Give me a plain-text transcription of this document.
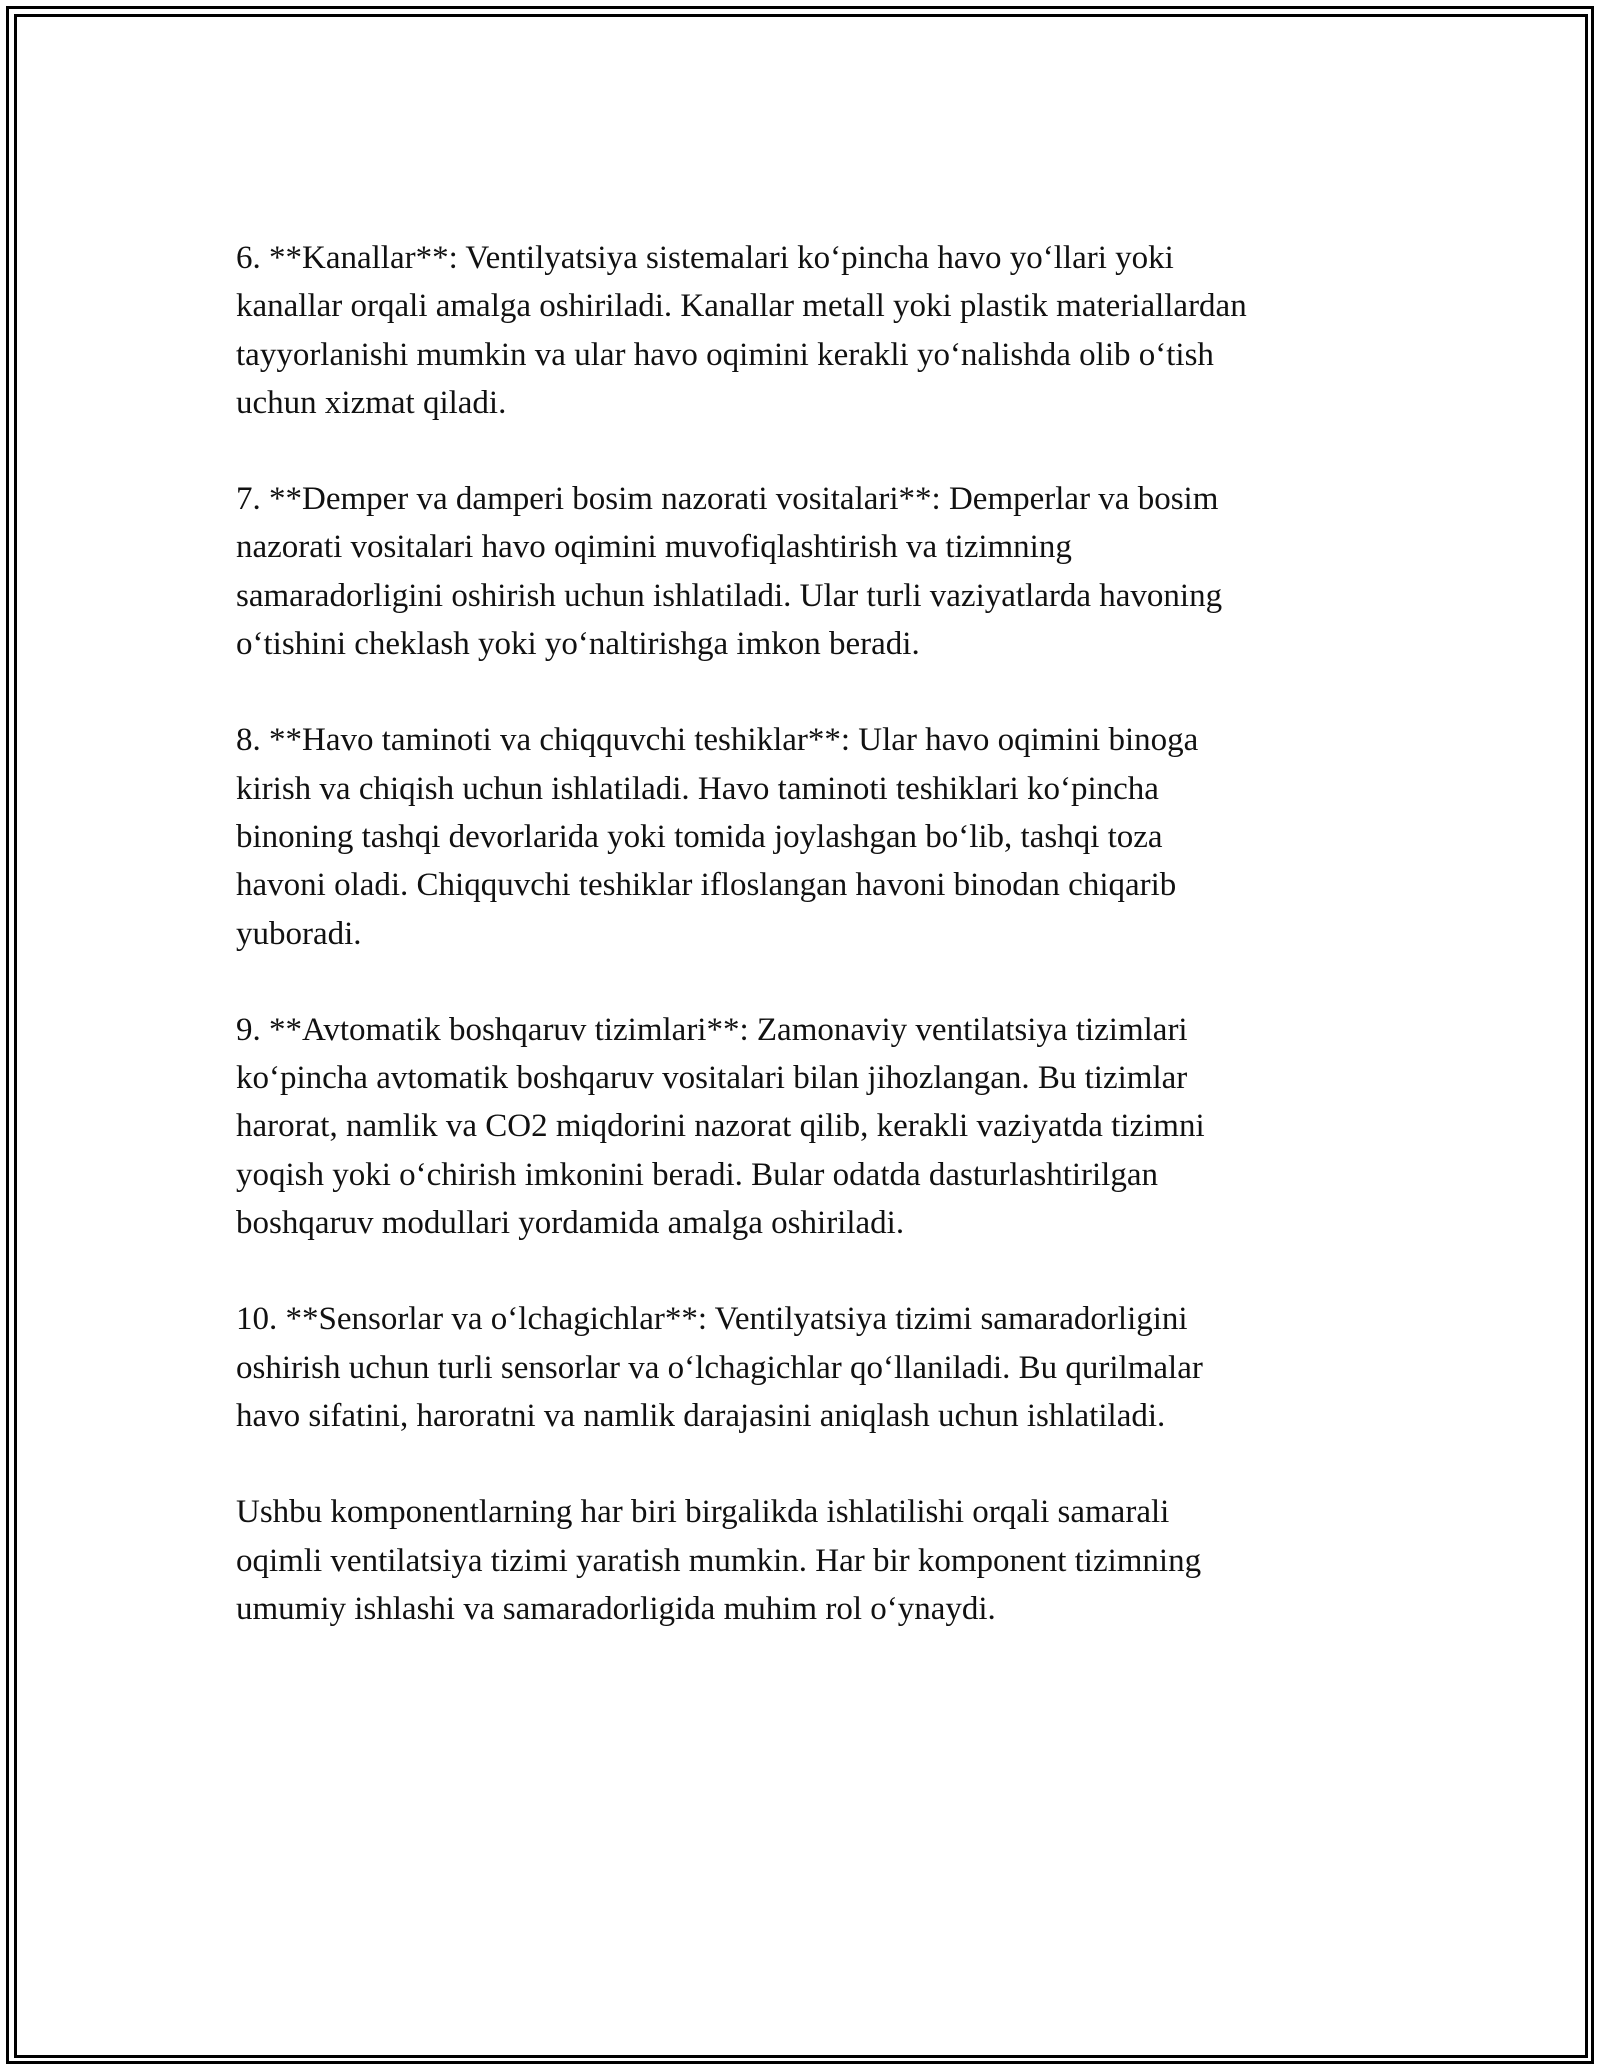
6. **Kanallar**: Ventilyatsiya sistemalari ko‘pincha havo yo‘llari yoki
kanallar orqali amalga oshiriladi. Kanallar metall yoki plastik materiallardan
tayyorlanishi mumkin va ular havo oqimini kerakli yo‘nalishda olib o‘tish
uchun xizmat qiladi.

7. **Demper va damperi bosim nazorati vositalari**: Demperlar va bosim
nazorati vositalari havo oqimini muvofiqlashtirish va tizimning
samaradorligini oshirish uchun ishlatiladi. Ular turli vaziyatlarda havoning
o‘tishini cheklash yoki yo‘naltirishga imkon beradi.

8. **Havo taminoti va chiqquvchi teshiklar**: Ular havo oqimini binoga
kirish va chiqish uchun ishlatiladi. Havo taminoti teshiklari ko‘pincha
binoning tashqi devorlarida yoki tomida joylashgan bo‘lib, tashqi toza
havoni oladi. Chiqquvchi teshiklar ifloslangan havoni binodan chiqarib
yuboradi.

9. **Avtomatik boshqaruv tizimlari**: Zamonaviy ventilatsiya tizimlari
ko‘pincha avtomatik boshqaruv vositalari bilan jihozlangan. Bu tizimlar
harorat, namlik va CO2 miqdorini nazorat qilib, kerakli vaziyatda tizimni
yoqish yoki o‘chirish imkonini beradi. Bular odatda dasturlashtirilgan
boshqaruv modullari yordamida amalga oshiriladi.

10. **Sensorlar va o‘lchagichlar**: Ventilyatsiya tizimi samaradorligini
oshirish uchun turli sensorlar va o‘lchagichlar qo‘llaniladi. Bu qurilmalar
havo sifatini, haroratni va namlik darajasini aniqlash uchun ishlatiladi.

Ushbu komponentlarning har biri birgalikda ishlatilishi orqali samarali
oqimli ventilatsiya tizimi yaratish mumkin. Har bir komponent tizimning
umumiy ishlashi va samaradorligida muhim rol o‘ynaydi.
